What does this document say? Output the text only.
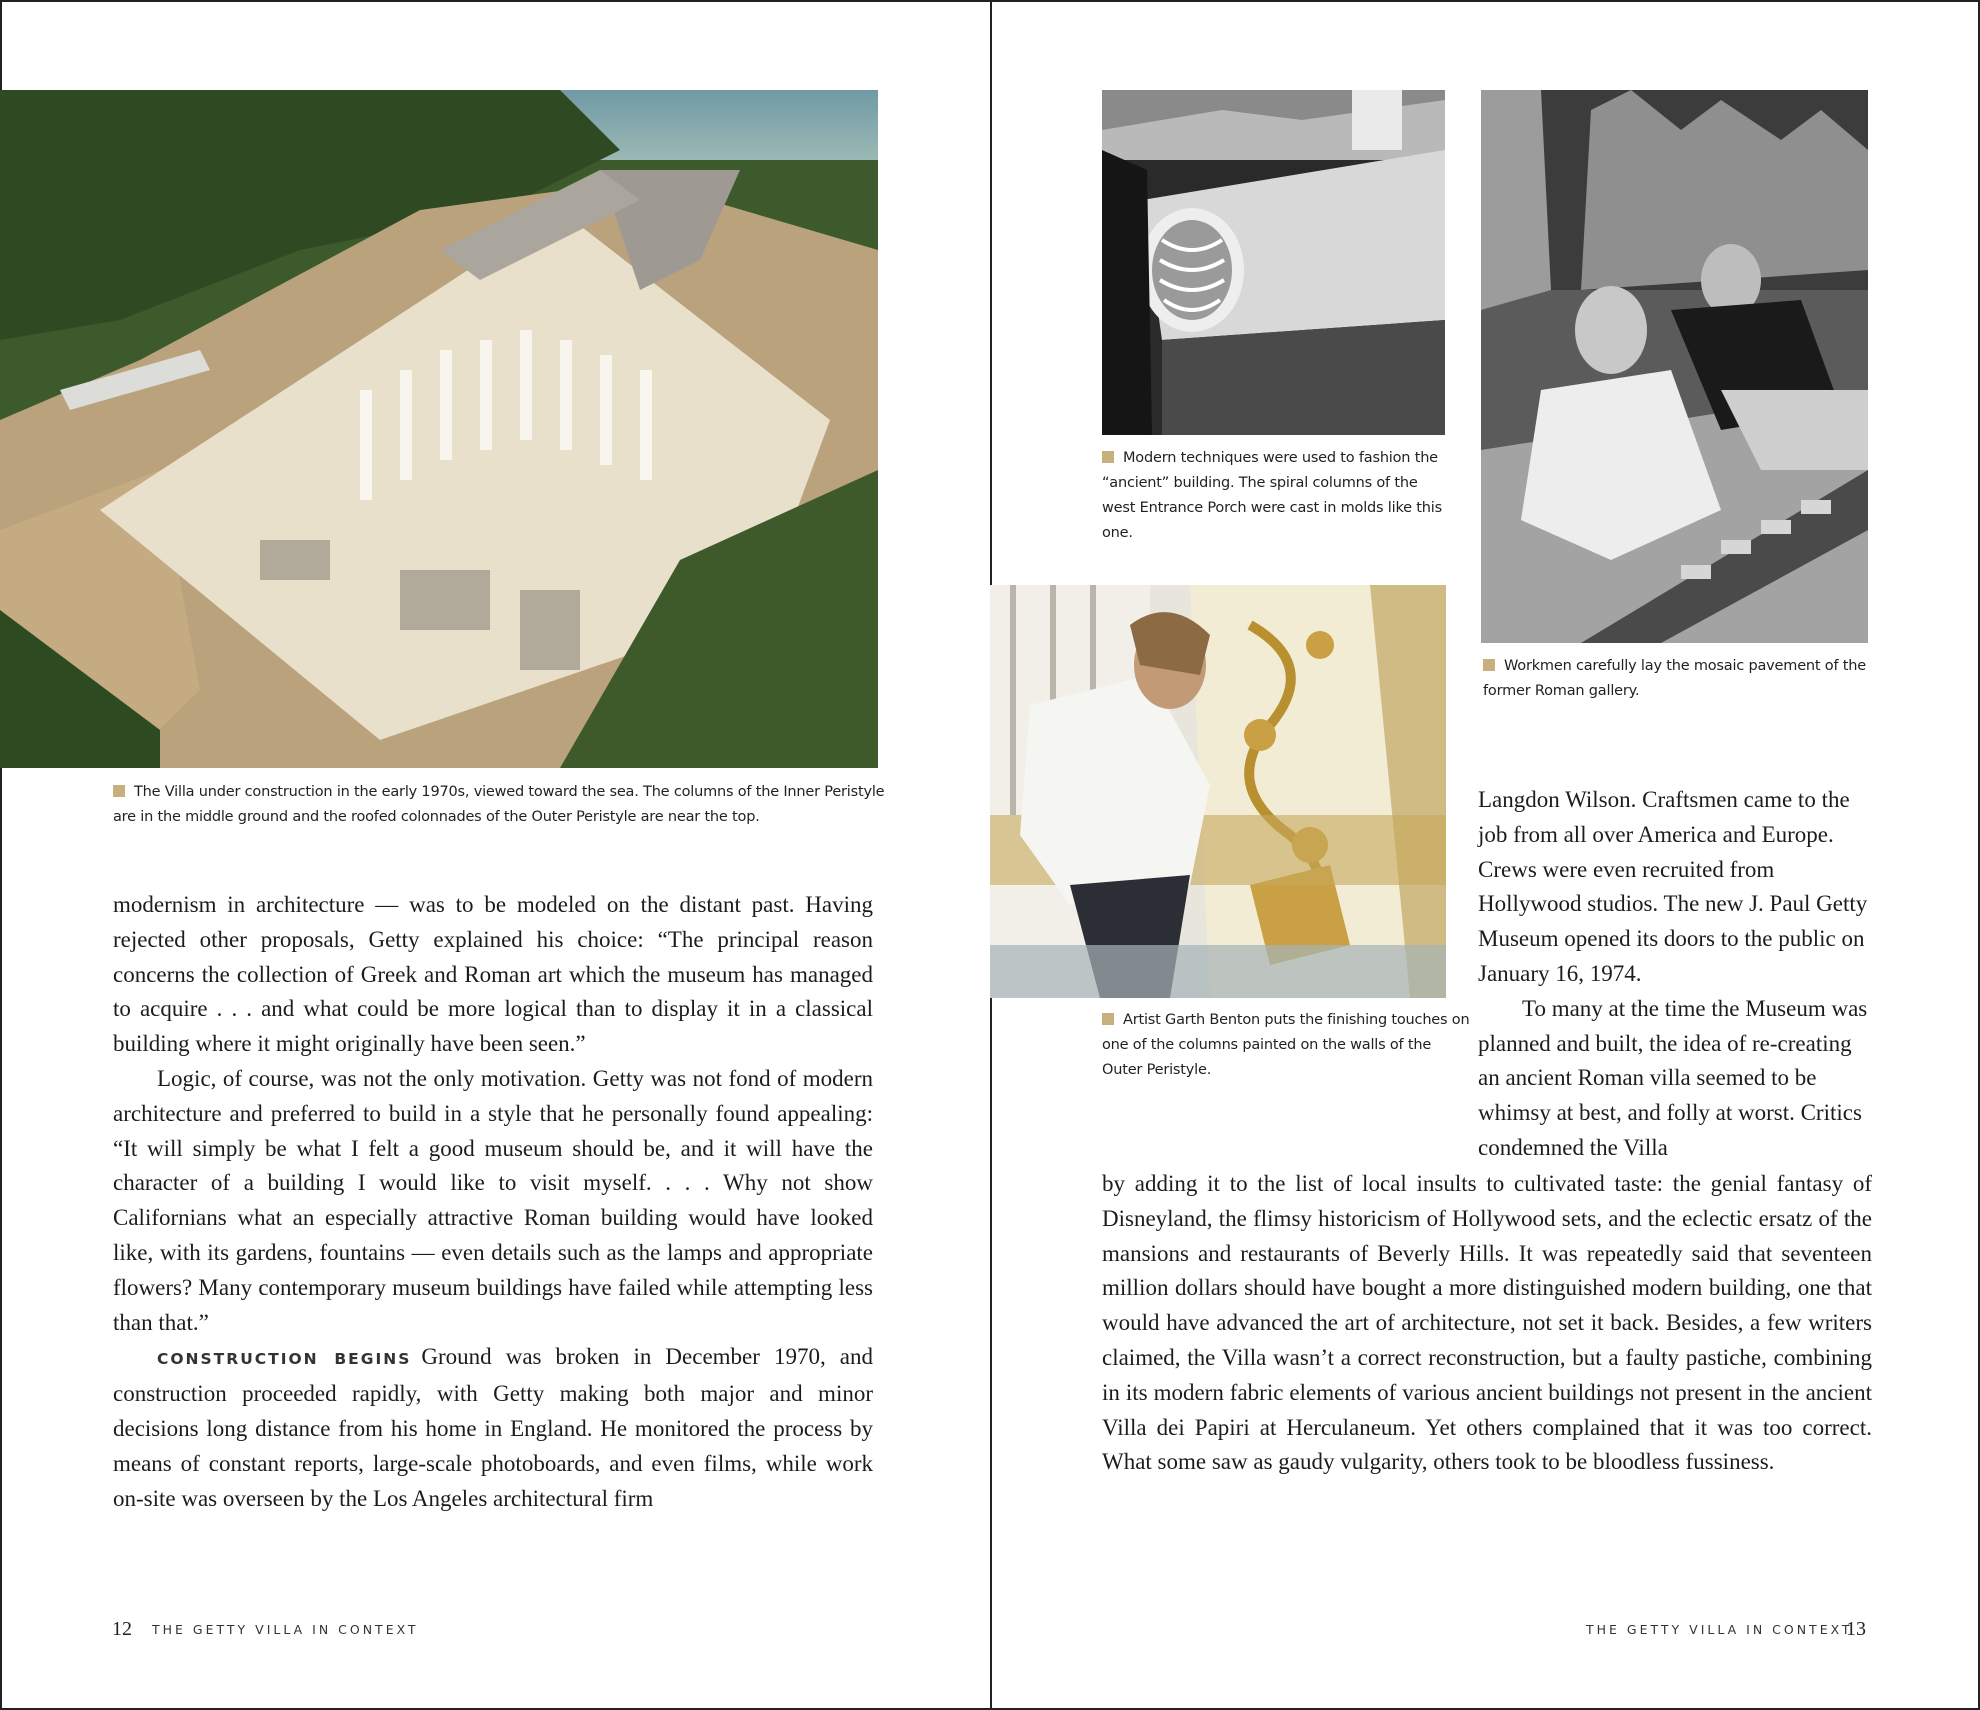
The Villa under construction in the early 1970s, viewed toward the sea. The columns of the Inner Peristyle are in the middle ground and the roofed colonnades of the Outer Peristyle are near the top.

modernism in architecture — was to be modeled on the distant past. Having rejected other proposals, Getty explained his choice: “The principal reason concerns the collection of Greek and Roman art which the museum has managed to acquire . . . and what could be more logical than to display it in a classical building where it might originally have been seen.”

Logic, of course, was not the only motivation. Getty was not fond of modern architecture and preferred to build in a style that he personally found appealing: “It will simply be what I felt a good museum should be, and it will have the character of a building I would like to visit myself. . . . Why not show Californians what an especially attractive Roman building would have looked like, with its gardens, fountains — even details such as the lamps and appropriate flowers? Many contemporary museum buildings have failed while attempting less than that.”

CONSTRUCTION BEGINS Ground was broken in December 1970, and construction proceeded rapidly, with Getty making both major and minor decisions long distance from his home in England. He monitored the process by means of constant reports, large-scale photoboards, and even films, while work on-site was overseen by the Los Angeles architectural firm

12 THE GETTY VILLA IN CONTEXT
Modern techniques were used to fashion the “ancient” building. The spiral columns of the west Entrance Porch were cast in molds like this one.
Workmen carefully lay the mosaic pavement of the former Roman gallery.
Artist Garth Benton puts the finishing touches on one of the columns painted on the walls of the Outer Peristyle.

Langdon Wilson. Craftsmen came to the job from all over America and Europe. Crews were even recruited from Hollywood studios. The new J. Paul Getty Museum opened its doors to the public on January 16, 1974.

To many at the time the Museum was planned and built, the idea of re-creating an ancient Roman villa seemed to be whimsy at best, and folly at worst. Critics condemned the Villa

by adding it to the list of local insults to cultivated taste: the genial fantasy of Disneyland, the flimsy historicism of Hollywood sets, and the eclectic ersatz of the mansions and restaurants of Beverly Hills. It was repeatedly said that seventeen million dollars should have bought a more distinguished modern building, one that would have advanced the art of architecture, not set it back. Besides, a few writers claimed, the Villa wasn’t a correct reconstruction, but a faulty pastiche, combining in its modern fabric elements of various ancient buildings not present in the ancient Villa dei Papiri at Herculaneum. Yet others complained that it was too correct. What some saw as gaudy vulgarity, others took to be bloodless fussiness.

THE GETTY VILLA IN CONTEXT
13
